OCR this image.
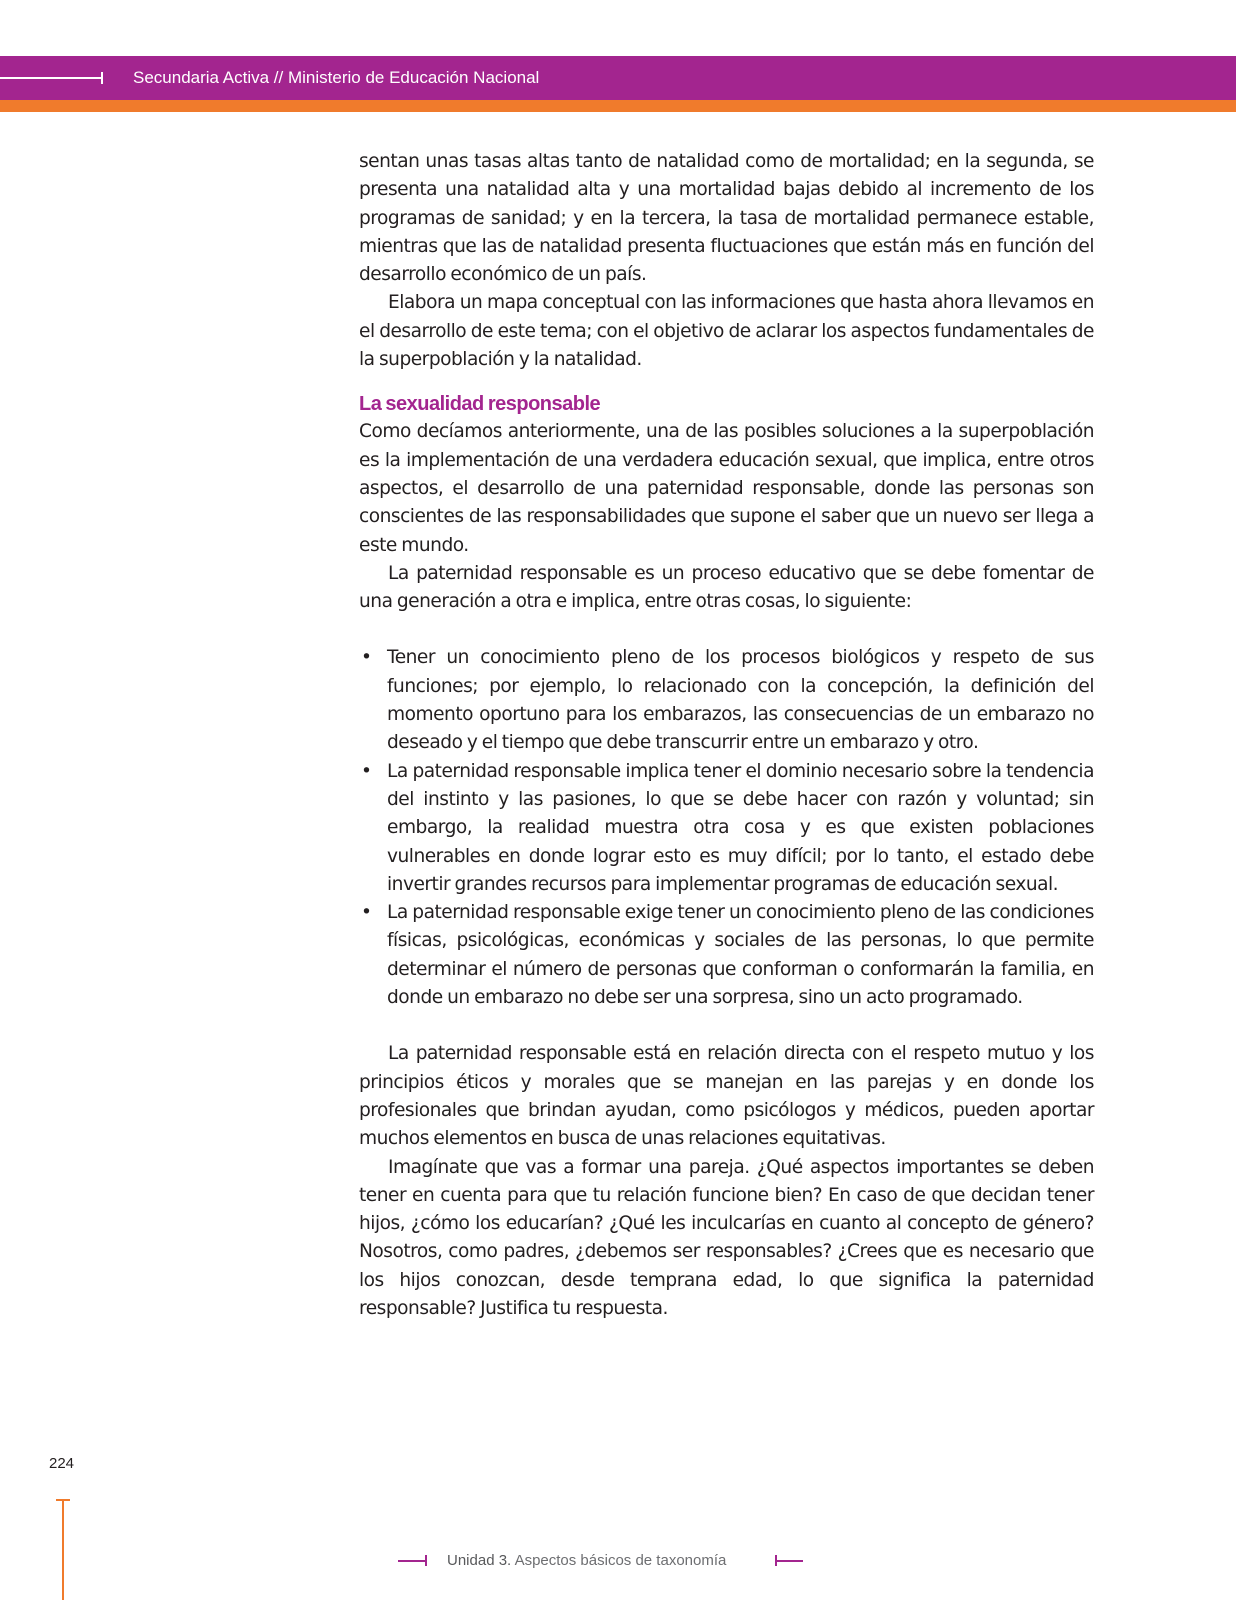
Secundaria Activa // Ministerio de Educación Nacional

sentan unas tasas altas tanto de natalidad como de mortalidad; en la segunda, se presenta una natalidad alta y una mortalidad bajas debido al incremento de los programas de sanidad; y en la tercera, la tasa de mortalidad permanece estable, mientras que las de natalidad presenta fluctuaciones que están más en función del desarrollo económico de un país.

Elabora un mapa conceptual con las informaciones que hasta ahora llevamos en el desarrollo de este tema; con el objetivo de aclarar los aspectos fundamentales de la superpoblación y la natalidad.

La sexualidad responsable

Como decíamos anteriormente, una de las posibles soluciones a la superpoblación es la implementación de una verdadera educación sexual, que implica, entre otros aspectos, el desarrollo de una paternidad responsable, donde las personas son conscientes de las responsabilidades que supone el saber que un nuevo ser llega a este mundo.

La paternidad responsable es un proceso educativo que se debe fomentar de una generación a otra e implica, entre otras cosas, lo siguiente:

• Tener un conocimiento pleno de los procesos biológicos y respeto de sus funciones; por ejemplo, lo relacionado con la concepción, la definición del momento oportuno para los embarazos, las consecuencias de un embarazo no deseado y el tiempo que debe transcurrir entre un embarazo y otro.
• La paternidad responsable implica tener el dominio necesario sobre la tendencia del instinto y las pasiones, lo que se debe hacer con razón y voluntad; sin embargo, la realidad muestra otra cosa y es que existen poblaciones vulnerables en donde lograr esto es muy difícil; por lo tanto, el estado debe invertir grandes recursos para implementar programas de educación sexual.
• La paternidad responsable exige tener un conocimiento pleno de las condiciones físicas, psicológicas, económicas y sociales de las personas, lo que permite determinar el número de personas que conforman o conformarán la familia, en donde un embarazo no debe ser una sorpresa, sino un acto programado.

La paternidad responsable está en relación directa con el respeto mutuo y los principios éticos y morales que se manejan en las parejas y en donde los profesionales que brindan ayudan, como psicólogos y médicos, pueden aportar muchos elementos en busca de unas relaciones equitativas.

Imagínate que vas a formar una pareja. ¿Qué aspectos importantes se deben tener en cuenta para que tu relación funcione bien? En caso de que decidan tener hijos, ¿cómo los educarían? ¿Qué les inculcarías en cuanto al concepto de género? Nosotros, como padres, ¿debemos ser responsables? ¿Crees que es necesario que los hijos conozcan, desde temprana edad, lo que significa la paternidad responsable? Justifica tu respuesta.

224
Unidad 3. Aspectos básicos de taxonomía
